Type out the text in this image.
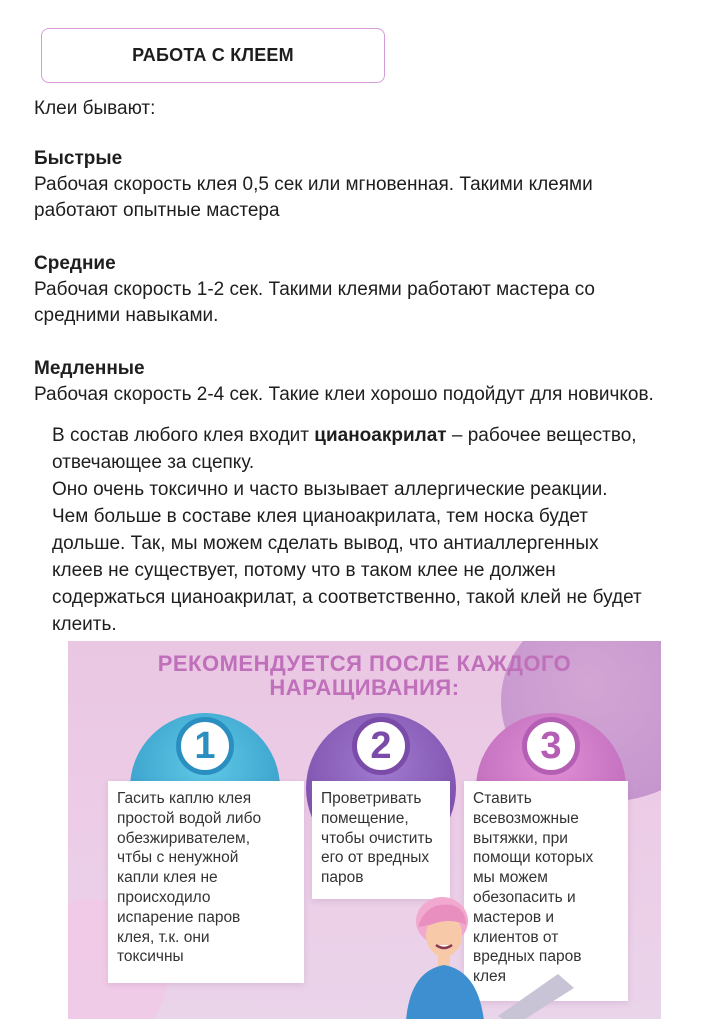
РАБОТА С КЛЕЕМ
Клеи бывают:
Быстрые
Рабочая скорость клея 0,5 сек или мгновенная. Такими клеями
работают опытные мастера
Средние
Рабочая скорость 1-2 сек. Такими клеями работают мастера со
средними навыками.
Медленные
Рабочая скорость 2-4 сек. Такие клеи хорошо подойдут для новичков.
В состав любого клея входит цианоакрилат – рабочее вещество,
отвечающее за сцепку.
Оно очень токсично и часто вызывает аллергические реакции.
Чем больше в составе клея цианоакрилата, тем носка будет
дольше. Так, мы можем сделать вывод, что антиаллергенных
клеев не существует, потому что в таком клее не должен
содержаться цианоакрилат, а соответственно, такой клей не будет
клеить.
РЕКОМЕНДУЕТСЯ ПОСЛЕ КАЖДОГО
НАРАЩИВАНИЯ:
1
Гасить каплю клея
простой водой либо
обезжиривателем,
чтбы с ненужной
капли клея не
происходило
испарение паров
клея, т.к. они
токсичны
2
Проветривать
помещение,
чтобы очистить
его от вредных
паров
3
Ставить
всевозможные
вытяжки, при
помощи которых
мы можем
обезопасить и
мастеров и
клиентов от
вредных паров
клея
